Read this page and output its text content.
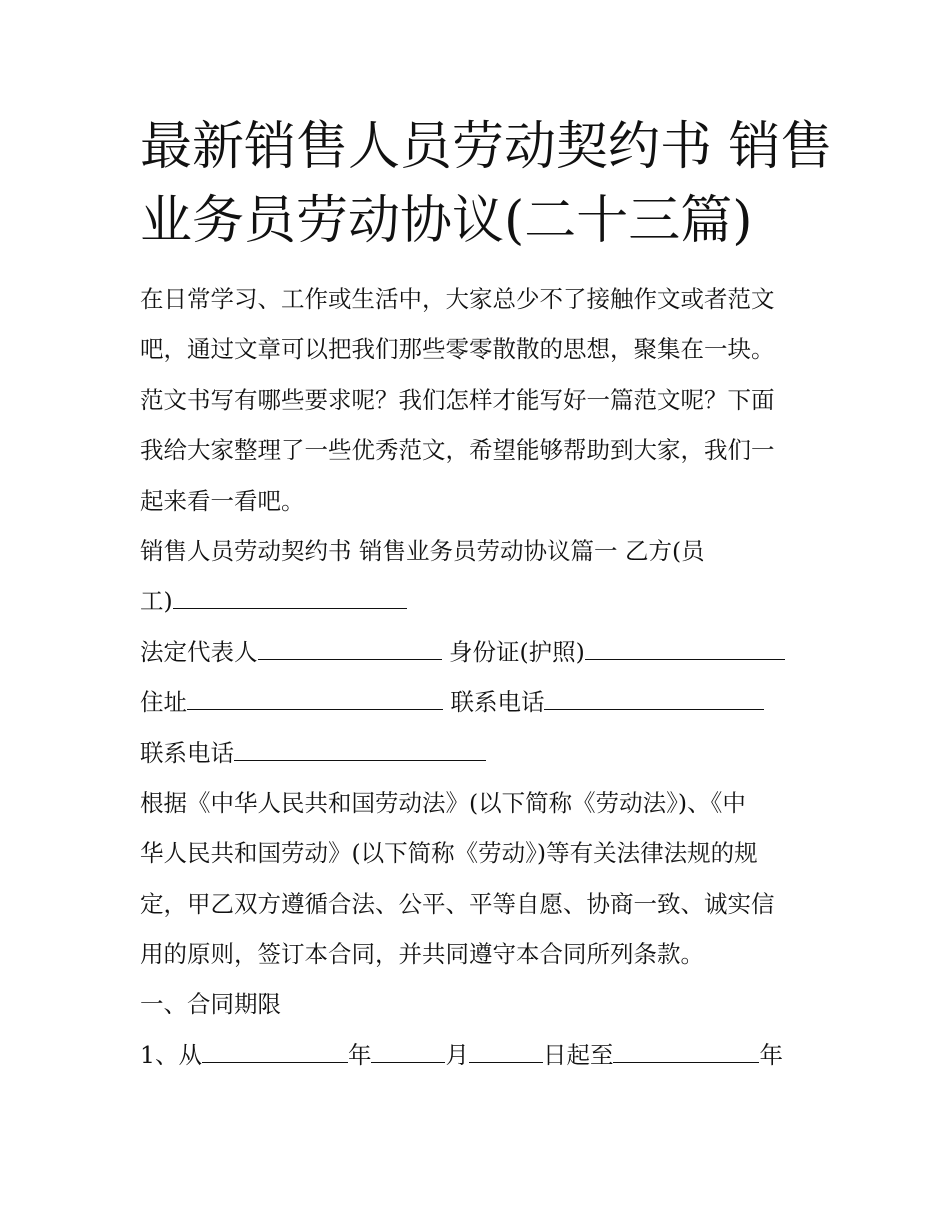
最新销售人员劳动契约书 销售
业务员劳动协议(二十三篇)
在日常学习、工作或生活中，大家总少不了接触作文或者范文
吧，通过文章可以把我们那些零零散散的思想，聚集在一块。
范文书写有哪些要求呢？我们怎样才能写好一篇范文呢？下面
我给大家整理了一些优秀范文，希望能够帮助到大家，我们一
起来看一看吧。
销售人员劳动契约书 销售业务员劳动协议篇一 乙方(员
工)
法定代表人	身份证(护照)
住址	联系电话
联系电话
根据《中华人民共和国劳动法》(以下简称《劳动法》)、《中
华人民共和国劳动》(以下简称《劳动》)等有关法律法规的规
定，甲乙双方遵循合法、公平、平等自愿、协商一致、诚实信
用的原则，签订本合同，并共同遵守本合同所列条款。
一、合同期限
1、从	年	月	日起至	年
